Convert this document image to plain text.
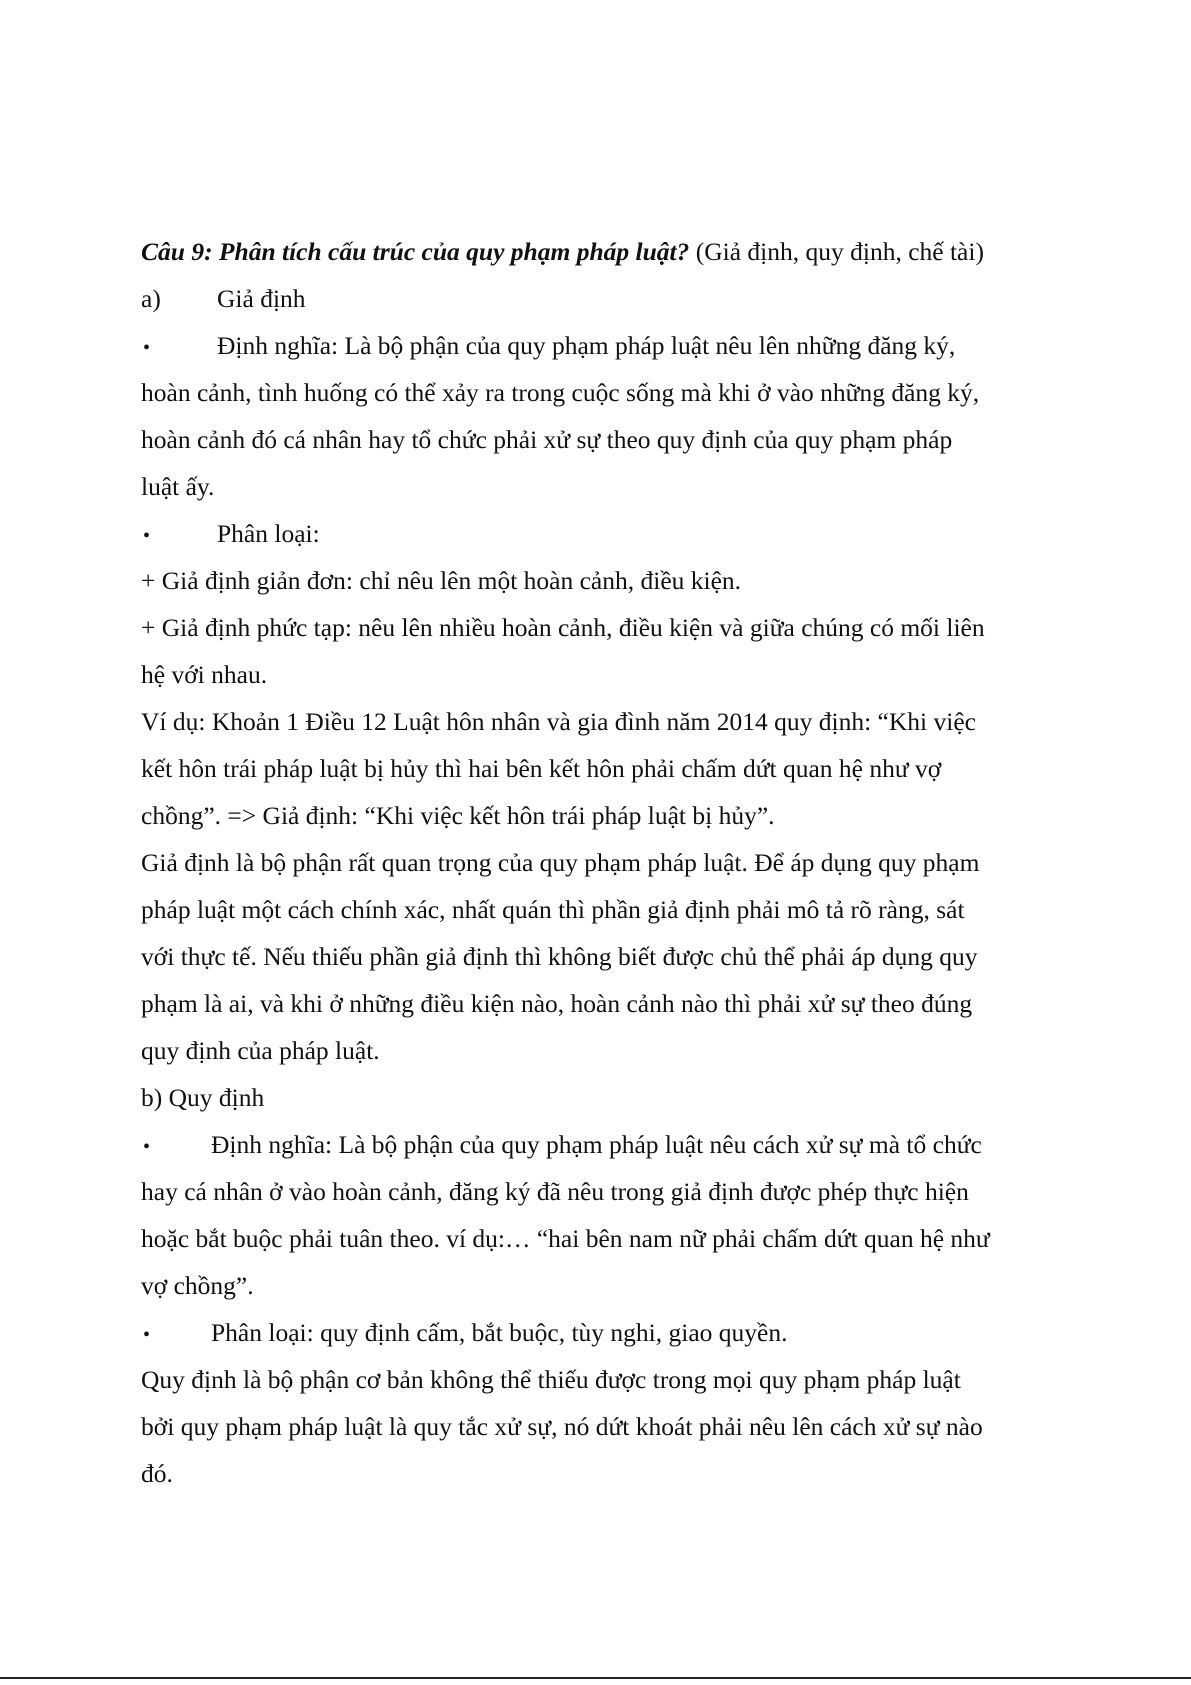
Câu 9: Phân tích cấu trúc của quy phạm pháp luật? (Giả định, quy định, chế tài)
a) Giả định
•	Định nghĩa: Là bộ phận của quy phạm pháp luật nêu lên những đăng ký,
hoàn cảnh, tình huống có thể xảy ra trong cuộc sống mà khi ở vào những đăng ký,
hoàn cảnh đó cá nhân hay tổ chức phải xử sự theo quy định của quy phạm pháp
luật ấy.
•	Phân loại:
+ Giả định giản đơn: chỉ nêu lên một hoàn cảnh, điều kiện.
+ Giả định phức tạp: nêu lên nhiều hoàn cảnh, điều kiện và giữa chúng có mối liên
hệ với nhau.
Ví dụ: Khoản 1 Điều 12 Luật hôn nhân và gia đình năm 2014 quy định: “Khi việc
kết hôn trái pháp luật bị hủy thì hai bên kết hôn phải chấm dứt quan hệ như vợ
chồng”. => Giả định: “Khi việc kết hôn trái pháp luật bị hủy”.
Giả định là bộ phận rất quan trọng của quy phạm pháp luật. Để áp dụng quy phạm
pháp luật một cách chính xác, nhất quán thì phần giả định phải mô tả rõ ràng, sát
với thực tế. Nếu thiếu phần giả định thì không biết được chủ thể phải áp dụng quy
phạm là ai, và khi ở những điều kiện nào, hoàn cảnh nào thì phải xử sự theo đúng
quy định của pháp luật.
b) Quy định
• Định nghĩa: Là bộ phận của quy phạm pháp luật nêu cách xử sự mà tổ chức
hay cá nhân ở vào hoàn cảnh, đăng ký đã nêu trong giả định được phép thực hiện
hoặc bắt buộc phải tuân theo. ví dụ:… “hai bên nam nữ phải chấm dứt quan hệ như
vợ chồng”.
• Phân loại: quy định cấm, bắt buộc, tùy nghi, giao quyền.
Quy định là bộ phận cơ bản không thể thiếu được trong mọi quy phạm pháp luật
bởi quy phạm pháp luật là quy tắc xử sự, nó dứt khoát phải nêu lên cách xử sự nào
đó.
